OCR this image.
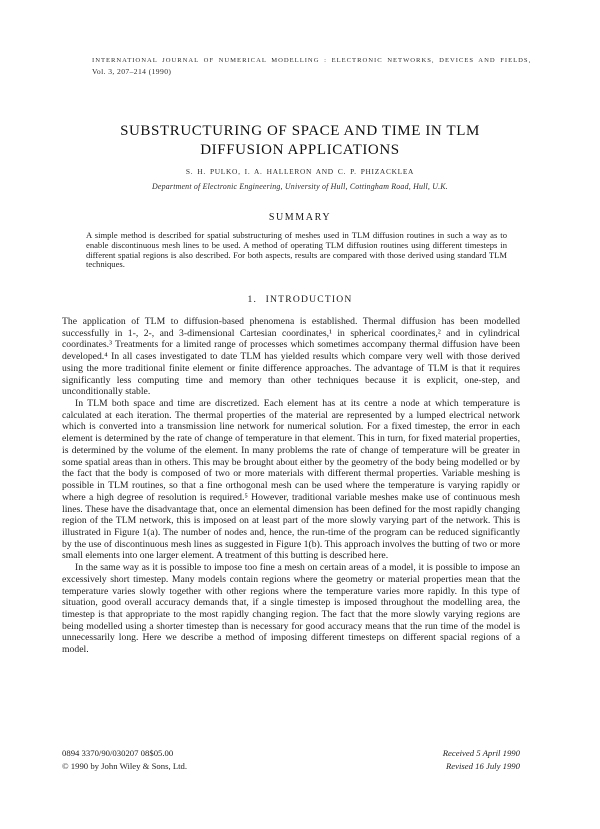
INTERNATIONAL JOURNAL OF NUMERICAL MODELLING : ELECTRONIC NETWORKS, DEVICES AND FIELDS,
Vol. 3, 207–214 (1990)
SUBSTRUCTURING OF SPACE AND TIME IN TLM
DIFFUSION APPLICATIONS
S. H. PULKO, I. A. HALLERON AND C. P. PHIZACKLEA
Department of Electronic Engineering, University of Hull, Cottingham Road, Hull, U.K.
SUMMARY
A simple method is described for spatial substructuring of meshes used in TLM diffusion routines in such a way as to enable discontinuous mesh lines to be used. A method of operating TLM diffusion routines using different timesteps in different spatial regions is also described. For both aspects, results are compared with those derived using standard TLM techniques.
1. INTRODUCTION

The application of TLM to diffusion-based phenomena is established. Thermal diffusion has been modelled successfully in 1-, 2-, and 3-dimensional Cartesian coordinates,¹ in spherical coordinates,² and in cylindrical coordinates.³ Treatments for a limited range of processes which sometimes accompany thermal diffusion have been developed.⁴ In all cases investigated to date TLM has yielded results which compare very well with those derived using the more traditional finite element or finite difference approaches. The advantage of TLM is that it requires significantly less computing time and memory than other techniques because it is explicit, one-step, and unconditionally stable.

In TLM both space and time are discretized. Each element has at its centre a node at which temperature is calculated at each iteration. The thermal properties of the material are represented by a lumped electrical network which is converted into a transmission line network for numerical solution. For a fixed timestep, the error in each element is determined by the rate of change of temperature in that element. This in turn, for fixed material properties, is determined by the volume of the element. In many problems the rate of change of temperature will be greater in some spatial areas than in others. This may be brought about either by the geometry of the body being modelled or by the fact that the body is composed of two or more materials with different thermal properties. Variable meshing is possible in TLM routines, so that a fine orthogonal mesh can be used where the temperature is varying rapidly or where a high degree of resolution is required.⁵ However, traditional variable meshes make use of continuous mesh lines. These have the disadvantage that, once an elemental dimension has been defined for the most rapidly changing region of the TLM network, this is imposed on at least part of the more slowly varying part of the network. This is illustrated in Figure 1(a). The number of nodes and, hence, the run-time of the program can be reduced significantly by the use of discontinuous mesh lines as suggested in Figure 1(b). This approach involves the butting of two or more small elements into one larger element. A treatment of this butting is described here.

In the same way as it is possible to impose too fine a mesh on certain areas of a model, it is possible to impose an excessively short timestep. Many models contain regions where the geometry or material properties mean that the temperature varies slowly together with other regions where the temperature varies more rapidly. In this type of situation, good overall accuracy demands that, if a single timestep is imposed throughout the modelling area, the timestep is that appropriate to the most rapidly changing region. The fact that the more slowly varying regions are being modelled using a shorter timestep than is necessary for good accuracy means that the run time of the model is unnecessarily long. Here we describe a method of imposing different timesteps on different spacial regions of a model.

0894 3370/90/030207 08$05.00
© 1990 by John Wiley & Sons, Ltd.
Received 5 April 1990
Revised 16 July 1990
